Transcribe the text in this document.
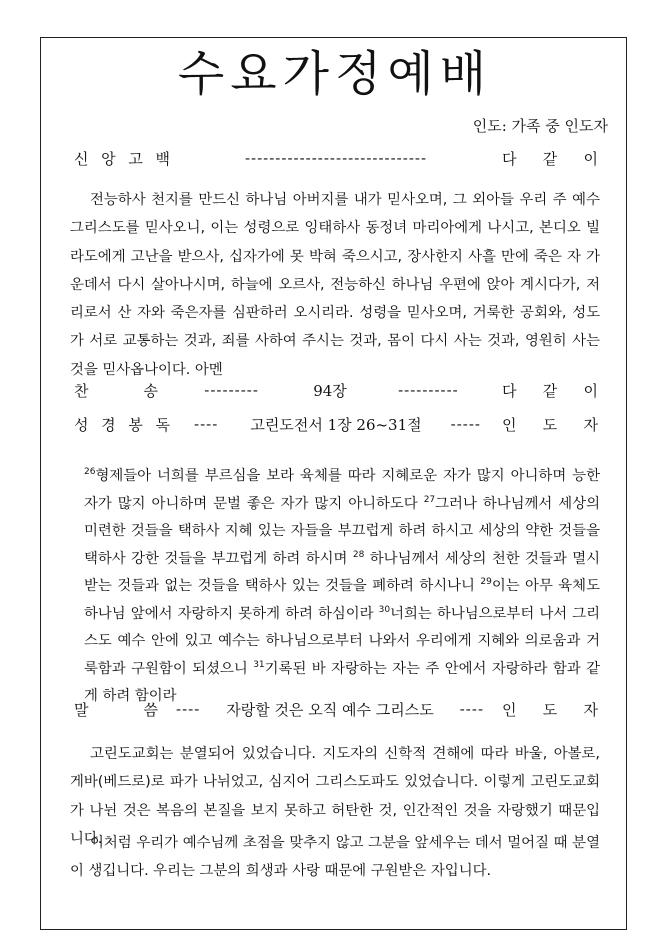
수요가정예배
인도: 가족 중 인도자
신 앙 고 백	------------------------------	다 같 이

전능하사 천지를 만드신 하나님 아버지를 내가 믿사오며, 그 외아들 우리 주 예수 그리스도를 믿사오니, 이는 성령으로 잉태하사 동정녀 마리아에게 나시고, 본디오 빌라도에게 고난을 받으사, 십자가에 못 박혀 죽으시고, 장사한지 사흘 만에 죽은 자 가운데서 다시 살아나시며, 하늘에 오르사, 전능하신 하나님 우편에 앉아 계시다가, 저리로서 산 자와 죽은자를 심판하러 오시리라. 성령을 믿사오며, 거룩한 공회와, 성도가 서로 교통하는 것과, 죄를 사하여 주시는 것과, 몸이 다시 사는 것과, 영원히 사는 것을 믿사옵나이다. 아멘

찬	송	---------	94장	----------	다 같 이
성 경 봉 독	----	고린도전서 1장 26~31절	-----	인 도 자

$^{26}$형제들아 너희를 부르심을 보라 육체를 따라 지혜로운 자가 많지 아니하며 능한 자가 많지 아니하며 문벌 좋은 자가 많지 아니하도다 $^{27}$그러나 하나님께서 세상의 미련한 것들을 택하사 지혜 있는 자들을 부끄럽게 하려 하시고 세상의 약한 것들을 택하사 강한 것들을 부끄럽게 하려 하시며 $^{28}$ 하나님께서 세상의 천한 것들과 멸시 받는 것들과 없는 것들을 택하사 있는 것들을 폐하려 하시나니 $^{29}$이는 아무 육체도 하나님 앞에서 자랑하지 못하게 하려 하심이라 $^{30}$너희는 하나님으로부터 나서 그리스도 예수 안에 있고 예수는 하나님으로부터 나와서 우리에게 지혜와 의로움과 거룩함과 구원함이 되셨으니 $^{31}$기록된 바 자랑하는 자는 주 안에서 자랑하라 함과 같게 하려 함이라

말	씀	----	자랑할 것은 오직 예수 그리스도	----	인 도 자

고린도교회는 분열되어 있었습니다. 지도자의 신학적 견해에 따라 바울, 아볼로, 게바(베드로)로 파가 나뉘었고, 심지어 그리스도파도 있었습니다. 이렇게 고린도교회가 나뉜 것은 복음의 본질을 보지 못하고 허탄한 것, 인간적인 것을 자랑했기 때문입니다.

이처럼 우리가 예수님께 초점을 맞추지 않고 그분을 앞세우는 데서 멀어질 때 분열이 생깁니다. 우리는 그분의 희생과 사랑 때문에 구원받은 자입니다.
